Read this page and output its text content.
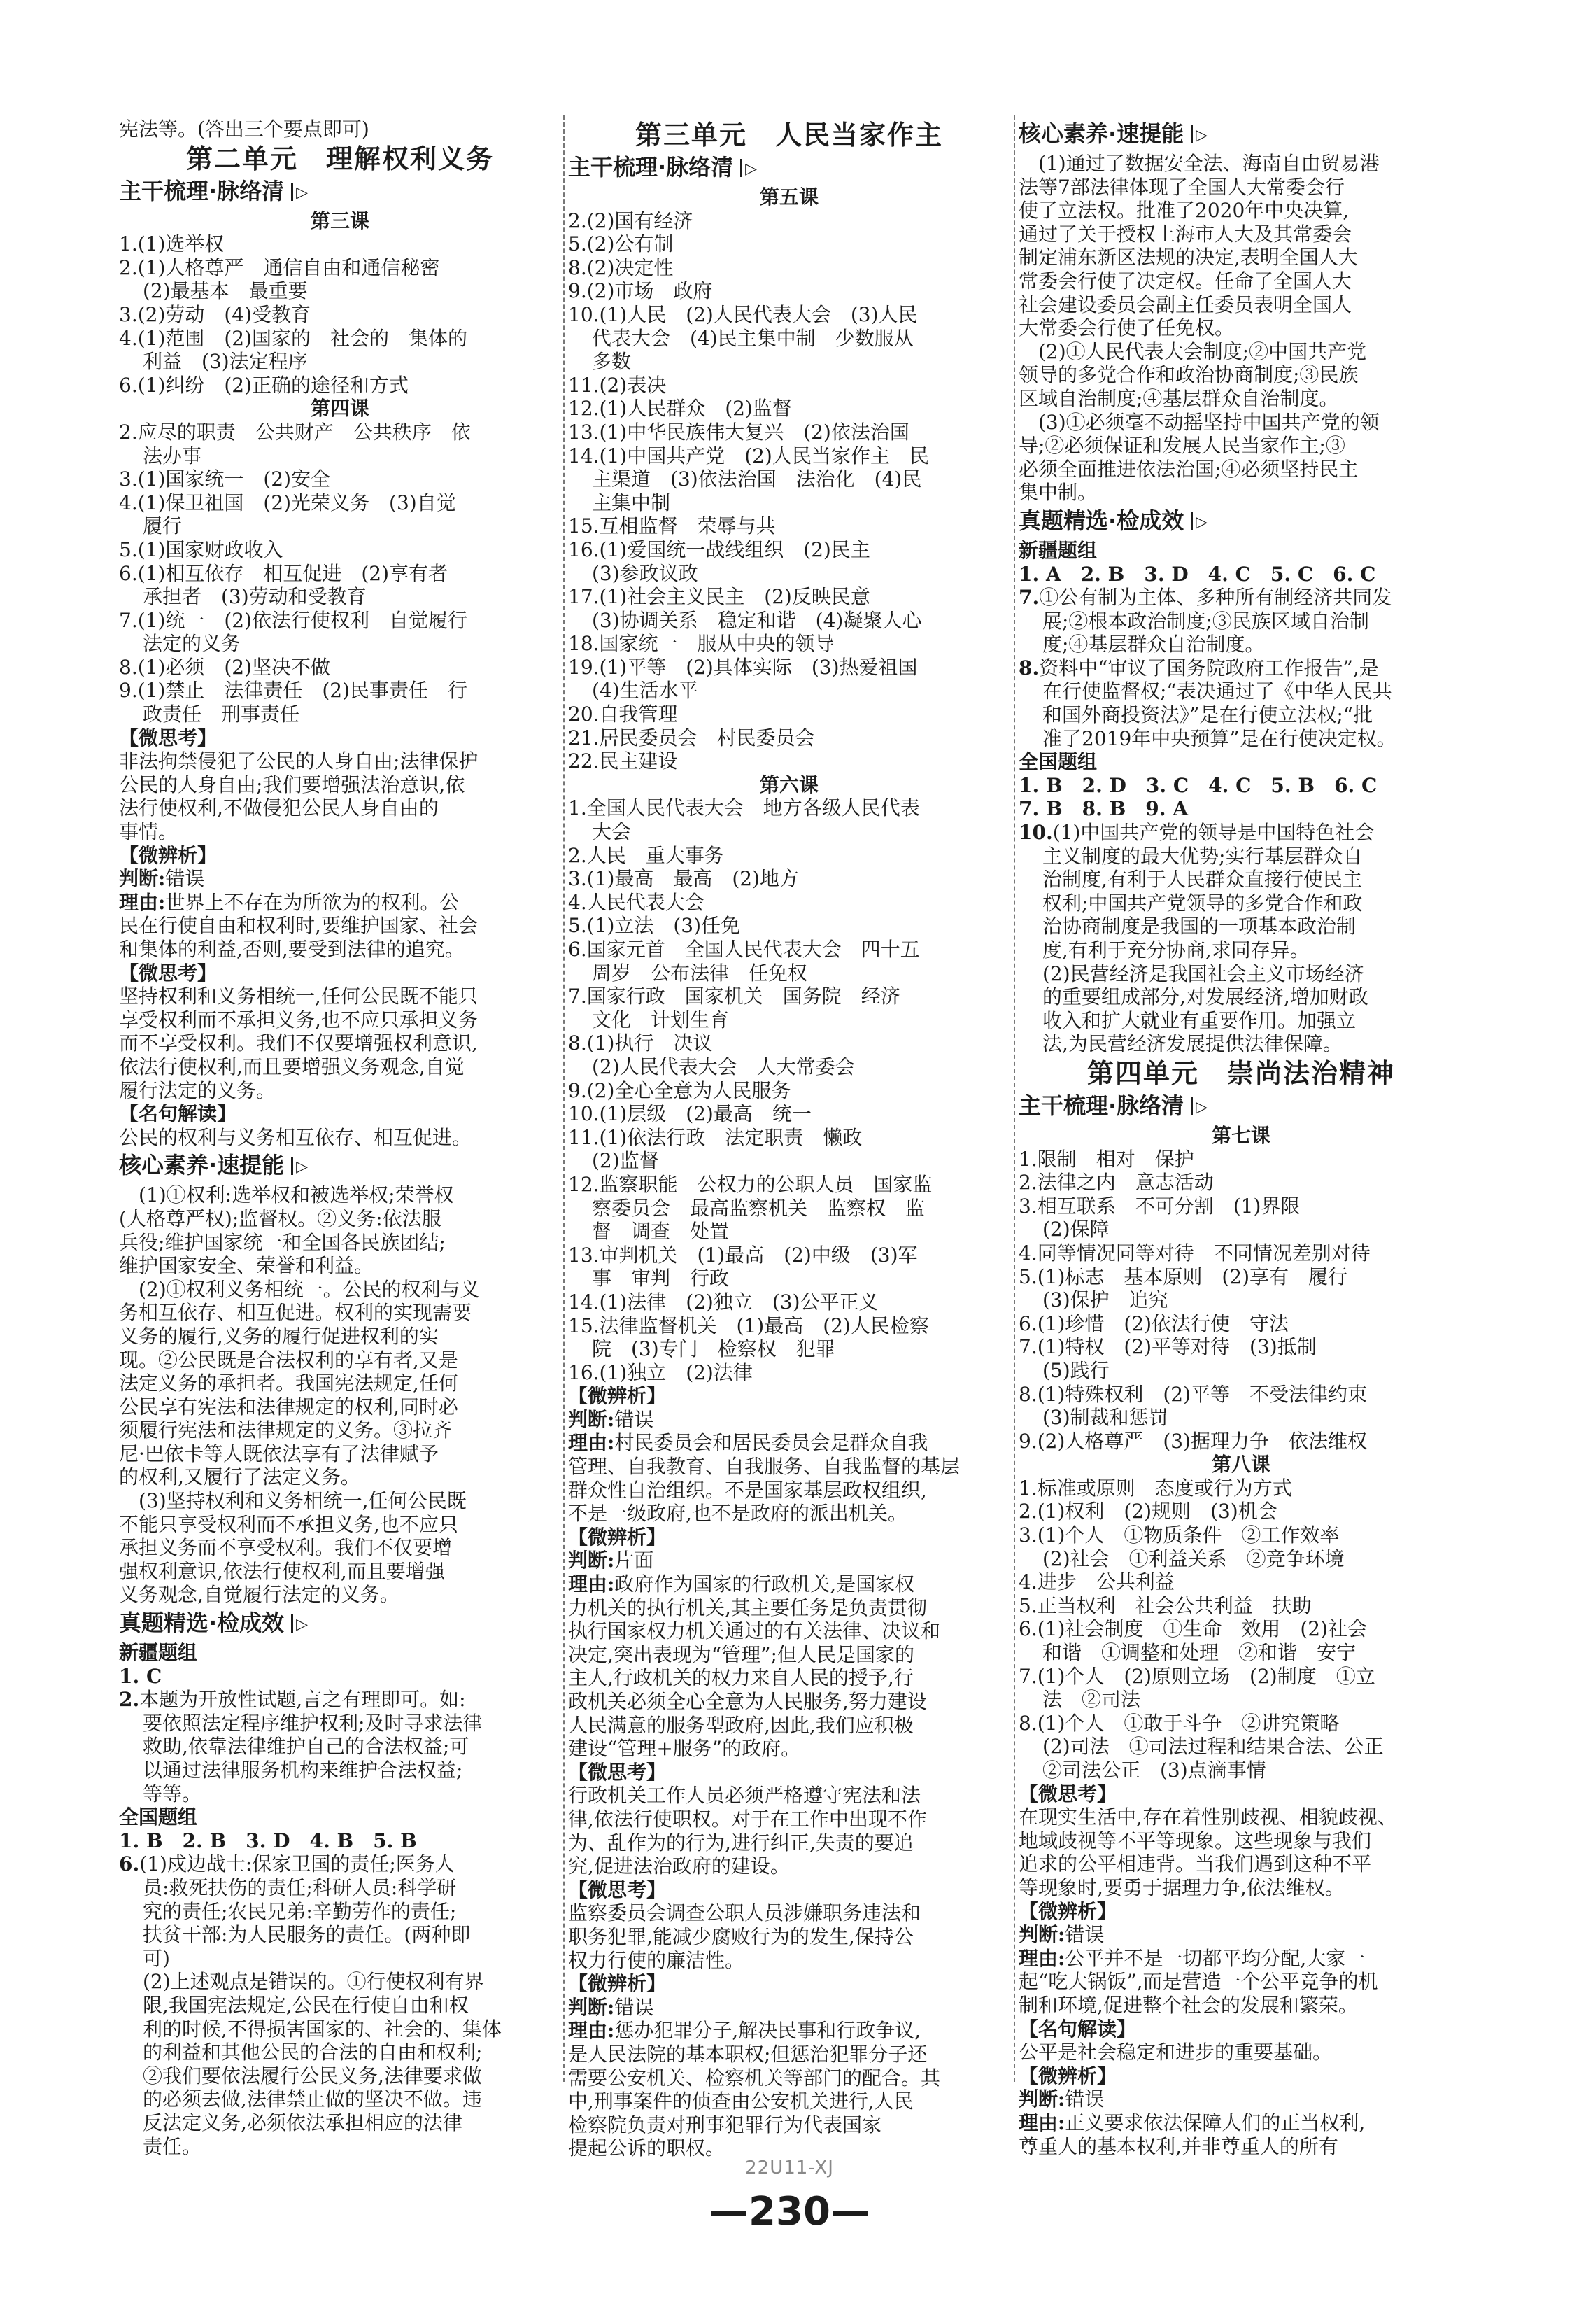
宪法等。(答出三个要点即可)
第二单元　理解权利义务
主干梳理·脉络清 ▷
第三课
1.(1)选举权
2.(1)人格尊严　通信自由和通信秘密
(2)最基本　最重要
3.(2)劳动　(4)受教育
4.(1)范围　(2)国家的　社会的　集体的
利益　(3)法定程序
6.(1)纠纷　(2)正确的途径和方式
第四课
2.应尽的职责　公共财产　公共秩序　依
法办事
3.(1)国家统一　(2)安全
4.(1)保卫祖国　(2)光荣义务　(3)自觉
履行
5.(1)国家财政收入
6.(1)相互依存　相互促进　(2)享有者
承担者　(3)劳动和受教育
7.(1)统一　(2)依法行使权利　自觉履行
法定的义务
8.(1)必须　(2)坚决不做
9.(1)禁止　法律责任　(2)民事责任　行
政责任　刑事责任
【微思考】
非法拘禁侵犯了公民的人身自由;法律保护
公民的人身自由;我们要增强法治意识,依
法行使权利,不做侵犯公民人身自由的
事情。
【微辨析】
判断:错误
理由:世界上不存在为所欲为的权利。公
民在行使自由和权利时,要维护国家、社会
和集体的利益,否则,要受到法律的追究。
【微思考】
坚持权利和义务相统一,任何公民既不能只
享受权利而不承担义务,也不应只承担义务
而不享受权利。我们不仅要增强权利意识,
依法行使权利,而且要增强义务观念,自觉
履行法定的义务。
【名句解读】
公民的权利与义务相互依存、相互促进。
核心素养·速提能 ▷
　(1)①权利:选举权和被选举权;荣誉权
(人格尊严权);监督权。②义务:依法服
兵役;维护国家统一和全国各民族团结;
维护国家安全、荣誉和利益。
　(2)①权利义务相统一。公民的权利与义
务相互依存、相互促进。权利的实现需要
义务的履行,义务的履行促进权利的实
现。②公民既是合法权利的享有者,又是
法定义务的承担者。我国宪法规定,任何
公民享有宪法和法律规定的权利,同时必
须履行宪法和法律规定的义务。③拉齐
尼·巴依卡等人既依法享有了法律赋予
的权利,又履行了法定义务。
　(3)坚持权利和义务相统一,任何公民既
不能只享受权利而不承担义务,也不应只
承担义务而不享受权利。我们不仅要增
强权利意识,依法行使权利,而且要增强
义务观念,自觉履行法定的义务。
真题精选·检成效 ▷
新疆题组
1. C
2.本题为开放性试题,言之有理即可。如:
要依照法定程序维护权利;及时寻求法律
救助,依靠法律维护自己的合法权益;可
以通过法律服务机构来维护合法权益;
等等。
全国题组
1. B　2. B　3. D　4. B　5. B
6.(1)戍边战士:保家卫国的责任;医务人
员:救死扶伤的责任;科研人员:科学研
究的责任;农民兄弟:辛勤劳作的责任;
扶贫干部:为人民服务的责任。(两种即
可)
(2)上述观点是错误的。①行使权利有界
限,我国宪法规定,公民在行使自由和权
利的时候,不得损害国家的、社会的、集体
的利益和其他公民的合法的自由和权利;
②我们要依法履行公民义务,法律要求做
的必须去做,法律禁止做的坚决不做。违
反法定义务,必须依法承担相应的法律
责任。
第三单元　人民当家作主
主干梳理·脉络清 ▷
第五课
2.(2)国有经济
5.(2)公有制
8.(2)决定性
9.(2)市场　政府
10.(1)人民　(2)人民代表大会　(3)人民
代表大会　(4)民主集中制　少数服从
多数
11.(2)表决
12.(1)人民群众　(2)监督
13.(1)中华民族伟大复兴　(2)依法治国
14.(1)中国共产党　(2)人民当家作主　民
主渠道　(3)依法治国　法治化　(4)民
主集中制
15.互相监督　荣辱与共
16.(1)爱国统一战线组织　(2)民主
(3)参政议政
17.(1)社会主义民主　(2)反映民意
(3)协调关系　稳定和谐　(4)凝聚人心
18.国家统一　服从中央的领导
19.(1)平等　(2)具体实际　(3)热爱祖国
(4)生活水平
20.自我管理
21.居民委员会　村民委员会
22.民主建设
第六课
1.全国人民代表大会　地方各级人民代表
大会
2.人民　重大事务
3.(1)最高　最高　(2)地方
4.人民代表大会
5.(1)立法　(3)任免
6.国家元首　全国人民代表大会　四十五
周岁　公布法律　任免权
7.国家行政　国家机关　国务院　经济
文化　计划生育
8.(1)执行　决议
(2)人民代表大会　人大常委会
9.(2)全心全意为人民服务
10.(1)层级　(2)最高　统一
11.(1)依法行政　法定职责　懒政
(2)监督
12.监察职能　公权力的公职人员　国家监
察委员会　最高监察机关　监察权　监
督　调查　处置
13.审判机关　(1)最高　(2)中级　(3)军
事　审判　行政
14.(1)法律　(2)独立　(3)公平正义
15.法律监督机关　(1)最高　(2)人民检察
院　(3)专门　检察权　犯罪
16.(1)独立　(2)法律
【微辨析】
判断:错误
理由:村民委员会和居民委员会是群众自我
管理、自我教育、自我服务、自我监督的基层
群众性自治组织。不是国家基层政权组织,
不是一级政府,也不是政府的派出机关。
【微辨析】
判断:片面
理由:政府作为国家的行政机关,是国家权
力机关的执行机关,其主要任务是负责贯彻
执行国家权力机关通过的有关法律、决议和
决定,突出表现为“管理”;但人民是国家的
主人,行政机关的权力来自人民的授予,行
政机关必须全心全意为人民服务,努力建设
人民满意的服务型政府,因此,我们应积极
建设“管理+服务”的政府。
【微思考】
行政机关工作人员必须严格遵守宪法和法
律,依法行使职权。对于在工作中出现不作
为、乱作为的行为,进行纠正,失责的要追
究,促进法治政府的建设。
【微思考】
监察委员会调查公职人员涉嫌职务违法和
职务犯罪,能减少腐败行为的发生,保持公
权力行使的廉洁性。
【微辨析】
判断:错误
理由:惩办犯罪分子,解决民事和行政争议,
是人民法院的基本职权;但惩治犯罪分子还
需要公安机关、检察机关等部门的配合。其
中,刑事案件的侦查由公安机关进行,人民
检察院负责对刑事犯罪行为代表国家
提起公诉的职权。
核心素养·速提能 ▷
　(1)通过了数据安全法、海南自由贸易港
法等7部法律体现了全国人大常委会行
使了立法权。批准了2020年中央决算,
通过了关于授权上海市人大及其常委会
制定浦东新区法规的决定,表明全国人大
常委会行使了决定权。任命了全国人大
社会建设委员会副主任委员表明全国人
大常委会行使了任免权。
　(2)①人民代表大会制度;②中国共产党
领导的多党合作和政治协商制度;③民族
区域自治制度;④基层群众自治制度。
　(3)①必须毫不动摇坚持中国共产党的领
导;②必须保证和发展人民当家作主;③
必须全面推进依法治国;④必须坚持民主
集中制。
真题精选·检成效 ▷
新疆题组
1. A　2. B　3. D　4. C　5. C　6. C
7.①公有制为主体、多种所有制经济共同发
展;②根本政治制度;③民族区域自治制
度;④基层群众自治制度。
8.资料中“审议了国务院政府工作报告”,是
在行使监督权;“表决通过了《中华人民共
和国外商投资法》”是在行使立法权;“批
准了2019年中央预算”是在行使决定权。
全国题组
1. B　2. D　3. C　4. C　5. B　6. C
7. B　8. B　9. A
10.(1)中国共产党的领导是中国特色社会
主义制度的最大优势;实行基层群众自
治制度,有利于人民群众直接行使民主
权利;中国共产党领导的多党合作和政
治协商制度是我国的一项基本政治制
度,有利于充分协商,求同存异。
(2)民营经济是我国社会主义市场经济
的重要组成部分,对发展经济,增加财政
收入和扩大就业有重要作用。加强立
法,为民营经济发展提供法律保障。
第四单元　崇尚法治精神
主干梳理·脉络清 ▷
第七课
1.限制　相对　保护
2.法律之内　意志活动
3.相互联系　不可分割　(1)界限
(2)保障
4.同等情况同等对待　不同情况差别对待
5.(1)标志　基本原则　(2)享有　履行
(3)保护　追究
6.(1)珍惜　(2)依法行使　守法
7.(1)特权　(2)平等对待　(3)抵制
(5)践行
8.(1)特殊权利　(2)平等　不受法律约束
(3)制裁和惩罚
9.(2)人格尊严　(3)据理力争　依法维权
第八课
1.标准或原则　态度或行为方式
2.(1)权利　(2)规则　(3)机会
3.(1)个人　①物质条件　②工作效率
(2)社会　①利益关系　②竞争环境
4.进步　公共利益
5.正当权利　社会公共利益　扶助
6.(1)社会制度　①生命　效用　(2)社会
和谐　①调整和处理　②和谐　安宁
7.(1)个人　(2)原则立场　(2)制度　①立
法　②司法
8.(1)个人　①敢于斗争　②讲究策略
(2)司法　①司法过程和结果合法、公正
②司法公正　(3)点滴事情
【微思考】
在现实生活中,存在着性别歧视、相貌歧视、
地域歧视等不平等现象。这些现象与我们
追求的公平相违背。当我们遇到这种不平
等现象时,要勇于据理力争,依法维权。
【微辨析】
判断:错误
理由:公平并不是一切都平均分配,大家一
起“吃大锅饭”,而是营造一个公平竞争的机
制和环境,促进整个社会的发展和繁荣。
【名句解读】
公平是社会稳定和进步的重要基础。
【微辨析】
判断:错误
理由:正义要求依法保障人们的正当权利,
尊重人的基本权利,并非尊重人的所有
22U11-XJ
—230—
